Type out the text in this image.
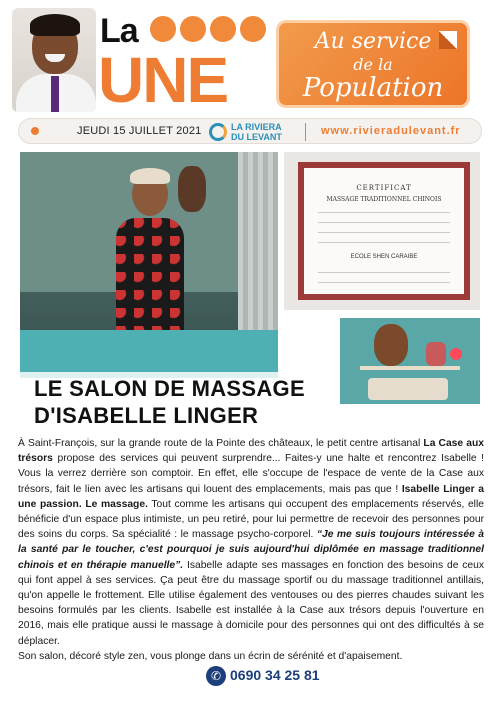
La
UNE
Au service
de la
Population
JEUDI 15 JUILLET 2021	LA RIVIERA
DU LEVANT	www.rivieradulevant.fr
CERTIFICAT
MASSAGE TRADITIONNEL CHINOIS
ECOLE SHEN CARAIBE
LE SALON DE MASSAGE
D'ISABELLE LINGER

À Saint-François, sur la grande route de la Pointe des châteaux, le petit centre artisanal La Case aux trésors propose des services qui peuvent surprendre... Faites-y une halte et rencontrez Isabelle ! Vous la verrez derrière son comptoir. En effet, elle s'occupe de l'espace de vente de la Case aux trésors, fait le lien avec les artisans qui louent des emplacements, mais pas que ! Isabelle Linger a une passion. Le massage. Tout comme les artisans qui occupent des emplacements réservés, elle bénéficie d'un espace plus intimiste, un peu retiré, pour lui permettre de recevoir des personnes pour des soins du corps. Sa spécialité : le massage psycho-corporel. “Je me suis toujours intéressée à la santé par le toucher, c'est pourquoi je suis aujourd'hui diplômée en massage traditionnel chinois et en thérapie manuelle”. Isabelle adapte ses massages en fonction des besoins de ceux qui font appel à ses services. Ça peut être du massage sportif ou du massage traditionnel antillais, qu'on appelle le frottement. Elle utilise également des ventouses ou des pierres chaudes suivant les besoins formulés par les clients. Isabelle est installée à la Case aux trésors depuis l'ouverture en 2016, mais elle pratique aussi le massage à domicile pour des personnes qui ont des difficultés à se déplacer.

Son salon, décoré style zen, vous plonge dans un écrin de sérénité et d'apaisement.

✆ 0690 34 25 81
